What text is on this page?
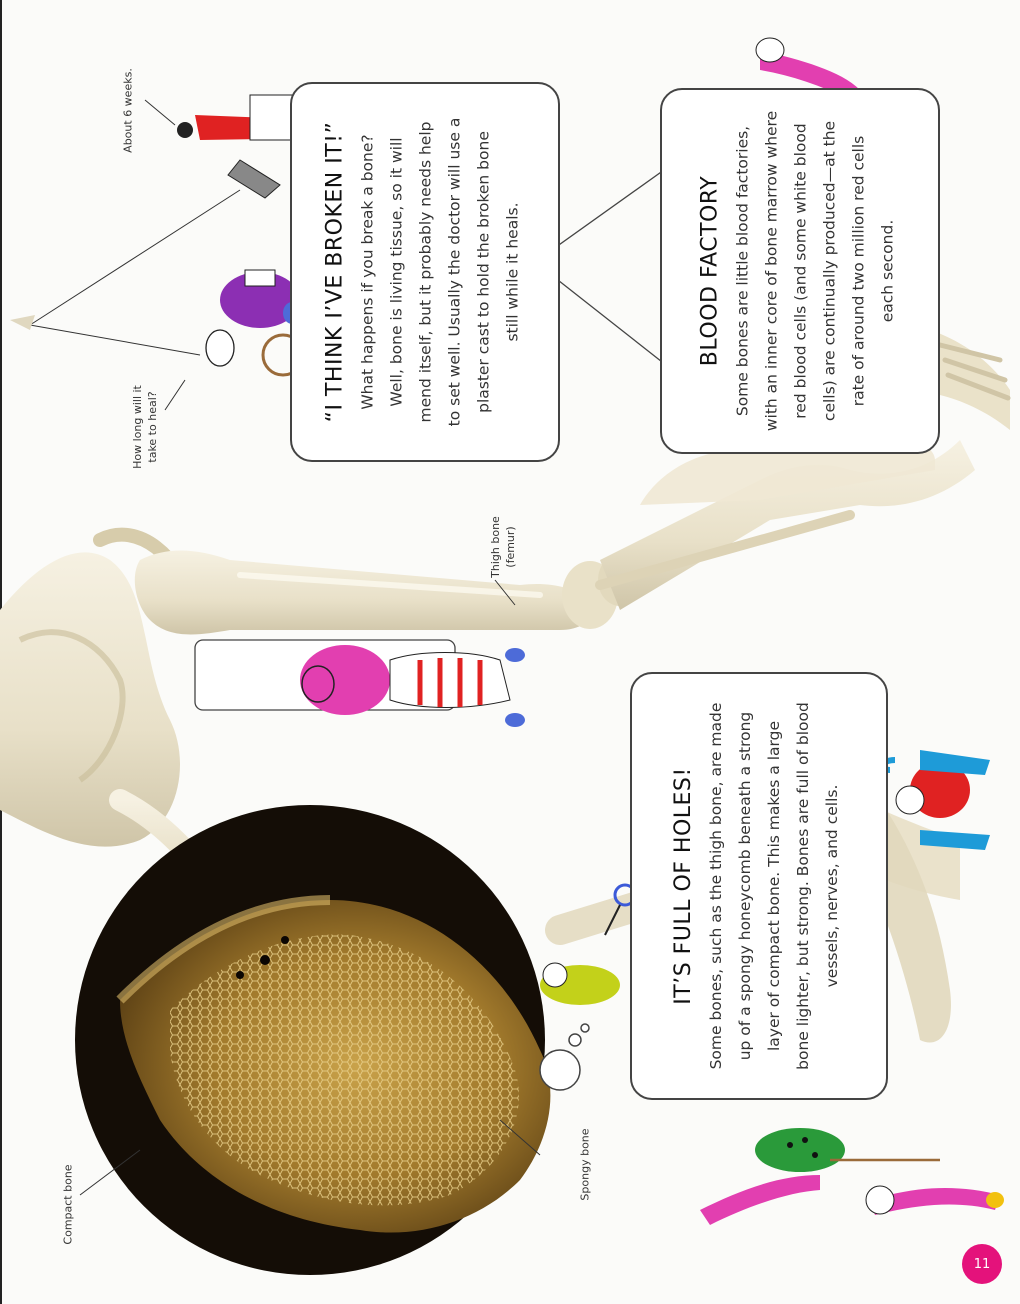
“I THINK I’VE BROKEN IT!” What happens if you break a bone? Well, bone is living tissue, so it will mend itself, but it probably needs help to set well. Usually the doctor will use a plaster cast to hold the broken bone still while it heals.	BLOOD FACTORY Some bones are little blood factories, with an inner core of bone marrow where red blood cells (and some white blood cells) are continually produced—at the rate of around two million red cells each second.

IT’S FULL OF HOLES! Some bones, such as the thigh bone, are made up of a spongy honeycomb beneath a strong layer of compact bone. This makes a large bone lighter, but strong. Bones are full of blood vessels, nerves, and cells.

About 6 weeks.
How long will it take to heal?
Thigh bone (femur)
Compact bone	Spongy bone
11
